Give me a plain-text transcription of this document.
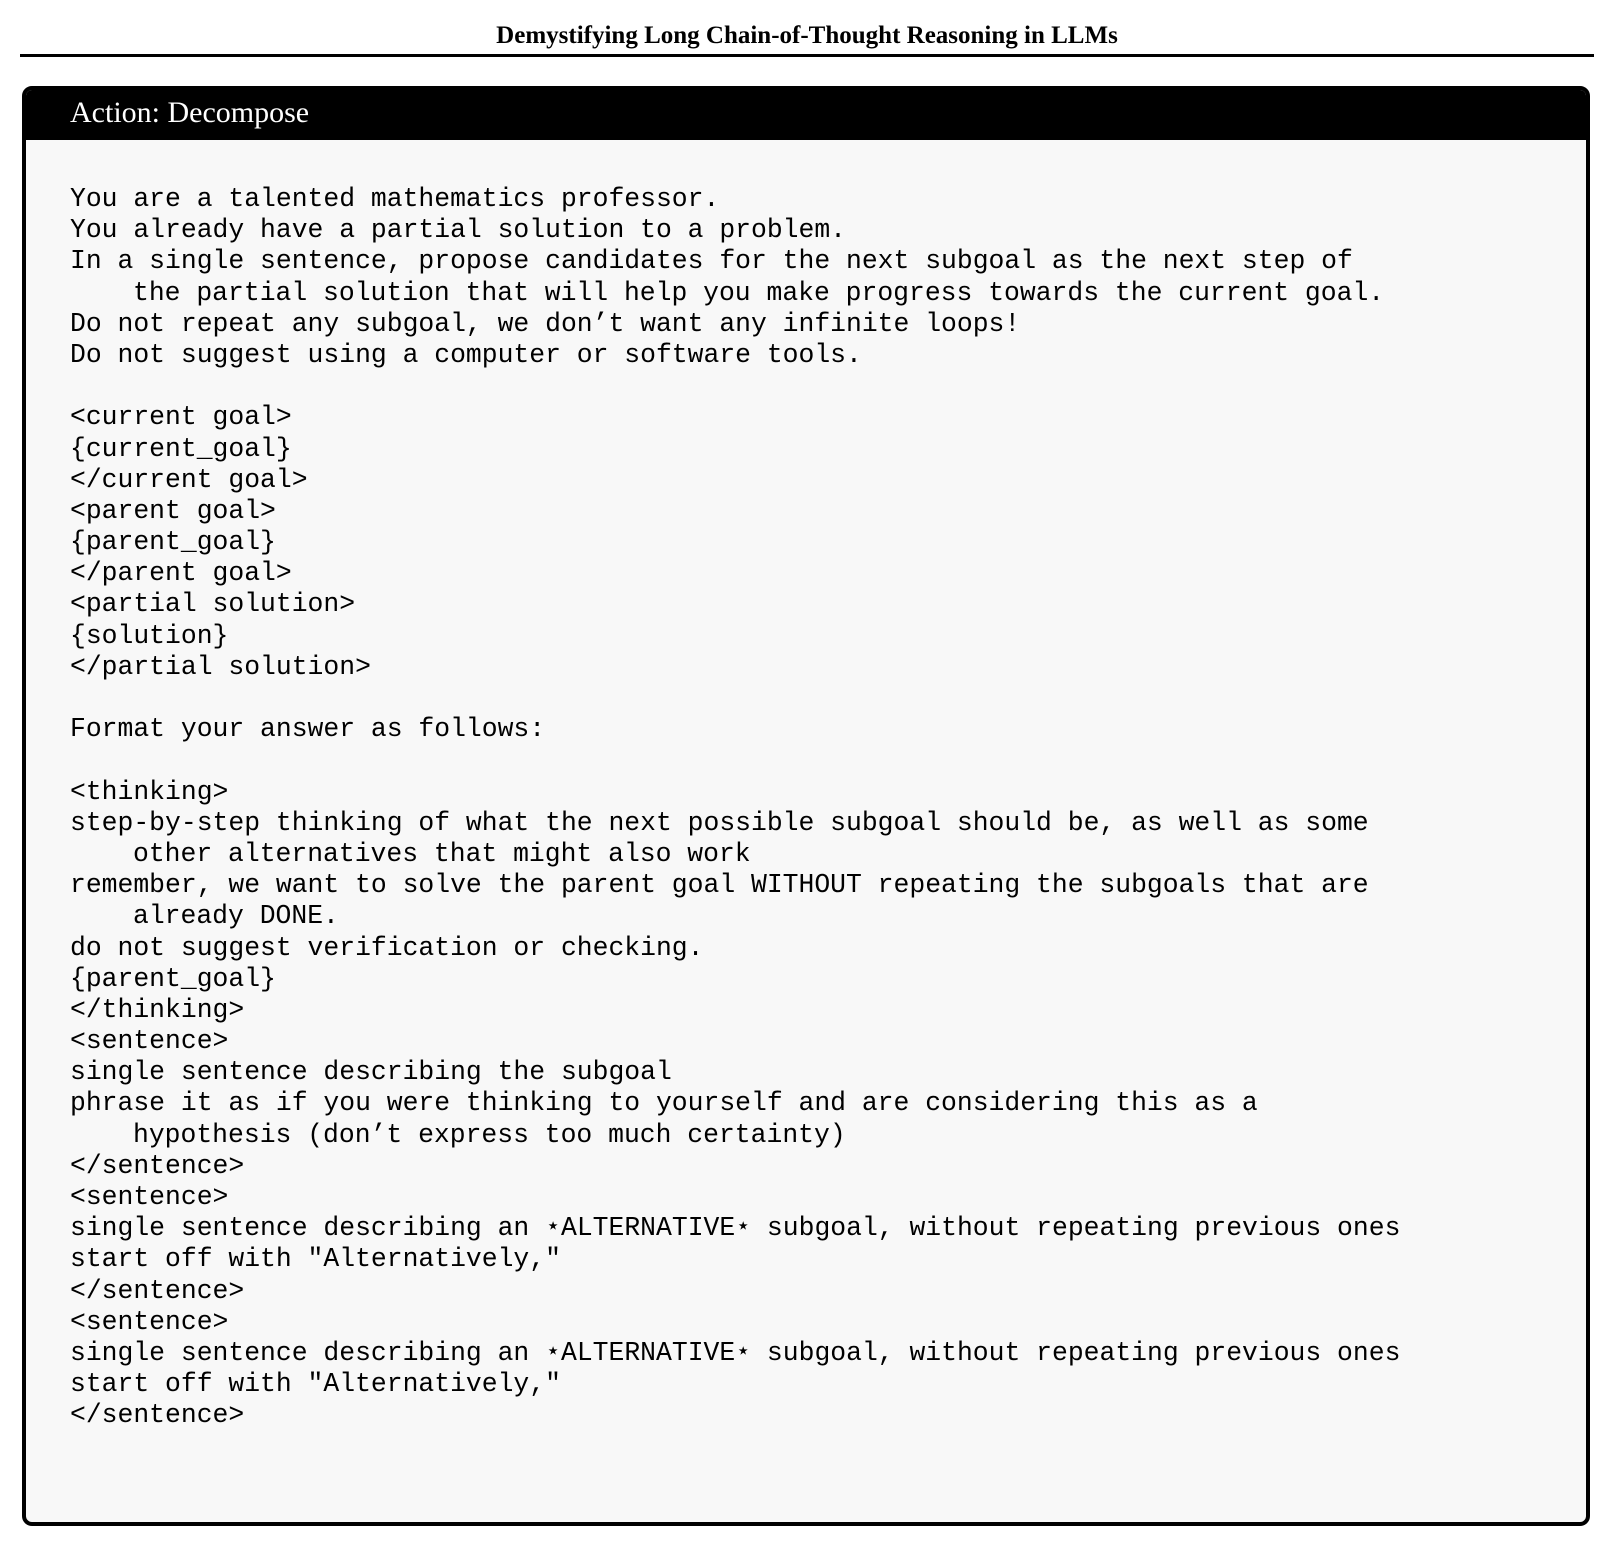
Demystifying Long Chain-of-Thought Reasoning in LLMs
Action: Decompose
You are a talented mathematics professor.
You already have a partial solution to a problem.
In a single sentence, propose candidates for the next subgoal as the next step of
the partial solution that will help you make progress towards the current goal.
Do not repeat any subgoal, we don’t want any infinite loops!
Do not suggest using a computer or software tools.
<current goal>
{current_goal}
</current goal>
<parent goal>
{parent_goal}
</parent goal>
<partial solution>
{solution}
</partial solution>
Format your answer as follows:
<thinking>
step-by-step thinking of what the next possible subgoal should be, as well as some
other alternatives that might also work
remember, we want to solve the parent goal WITHOUT repeating the subgoals that are
already DONE.
do not suggest verification or checking.
{parent_goal}
</thinking>
<sentence>
single sentence describing the subgoal
phrase it as if you were thinking to yourself and are considering this as a
hypothesis (don’t express too much certainty)
</sentence>
<sentence>
single sentence describing an ⋆ALTERNATIVE⋆ subgoal, without repeating previous ones
start off with "Alternatively,"
</sentence>
<sentence>
single sentence describing an ⋆ALTERNATIVE⋆ subgoal, without repeating previous ones
start off with "Alternatively,"
</sentence>
